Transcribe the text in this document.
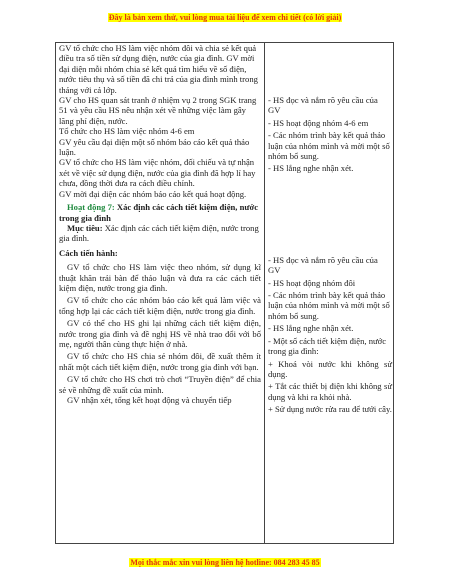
Đây là bản xem thử, vui lòng mua tài liệu để xem chi tiết (có lời giải)

GV tổ chức cho HS làm việc nhóm đôi và chia sẻ kết quả điều tra số tiền sử dụng điện, nước của gia đình. GV mời đại diện mỗi nhóm chia sẻ kết quả tìm hiểu về số điện, nước tiêu thụ và số tiền đã chi trả của gia đình mình trong tháng với cả lớp.

GV cho HS quan sát tranh ở nhiệm vụ 2 trong SGK trang 51 và yêu cầu HS nêu nhận xét về những việc làm gây lãng phí điện, nước.

Tổ chức cho HS làm việc nhóm 4-6 em

GV yêu cầu đại diện một số nhóm báo cáo kết quả thảo luận.

GV tổ chức cho HS làm việc nhóm, đối chiếu và tự nhận xét về việc sử dụng điện, nước của gia đình đã hợp lí hay chưa, đồng thời đưa ra cách điều chỉnh.

GV mời đại diện các nhóm báo cáo kết quả hoạt động.

Hoạt động 7: Xác định các cách tiết kiệm điện, nước trong gia đình

Mục tiêu: Xác định các cách tiết kiệm điện, nước trong gia đình.

Cách tiến hành:

GV tổ chức cho HS làm việc theo nhóm, sử dụng kĩ thuật khăn trải bàn để thảo luận và đưa ra các cách tiết kiệm điện, nước trong gia đình.

GV tổ chức cho các nhóm báo cáo kết quả làm việc và tổng hợp lại các cách tiết kiệm điện, nước trong gia đình.

GV có thể cho HS ghi lại những cách tiết kiệm điện, nước trong gia đình và đề nghị HS về nhà trao đổi với bố mẹ, người thân cùng thực hiện ở nhà.

GV tổ chức cho HS chia sẻ nhóm đôi, đề xuất thêm ít nhất một cách tiết kiệm điện, nước trong gia đình với bạn.

GV tổ chức cho HS chơi trò chơi “Truyền điện” để chia sẻ về những đề xuất của mình.

GV nhận xét, tổng kết hoạt động và chuyển tiếp

- HS đọc và nắm rõ yêu cầu của GV

- HS hoạt động nhóm 4-6 em

- Các nhóm trình bày kết quả thảo luận của nhóm mình và mời một số nhóm bổ sung.

- HS lắng nghe nhận xét.

- HS đọc và nắm rõ yêu cầu của GV

- HS hoạt động nhóm đôi

- Các nhóm trình bày kết quả thảo luận của nhóm mình và mời một số nhóm bổ sung.

- HS lắng nghe nhận xét.

- Một số cách tiết kiệm điện, nước trong gia đình:

+ Khoá vòi nước khi không sử dụng.

+ Tắt các thiết bị điện khi không sử dụng và khi ra khỏi nhà.

+ Sử dụng nước rửa rau để tưới cây.

Mọi thắc mắc xin vui lòng liên hệ hotline: 084 283 45 85
